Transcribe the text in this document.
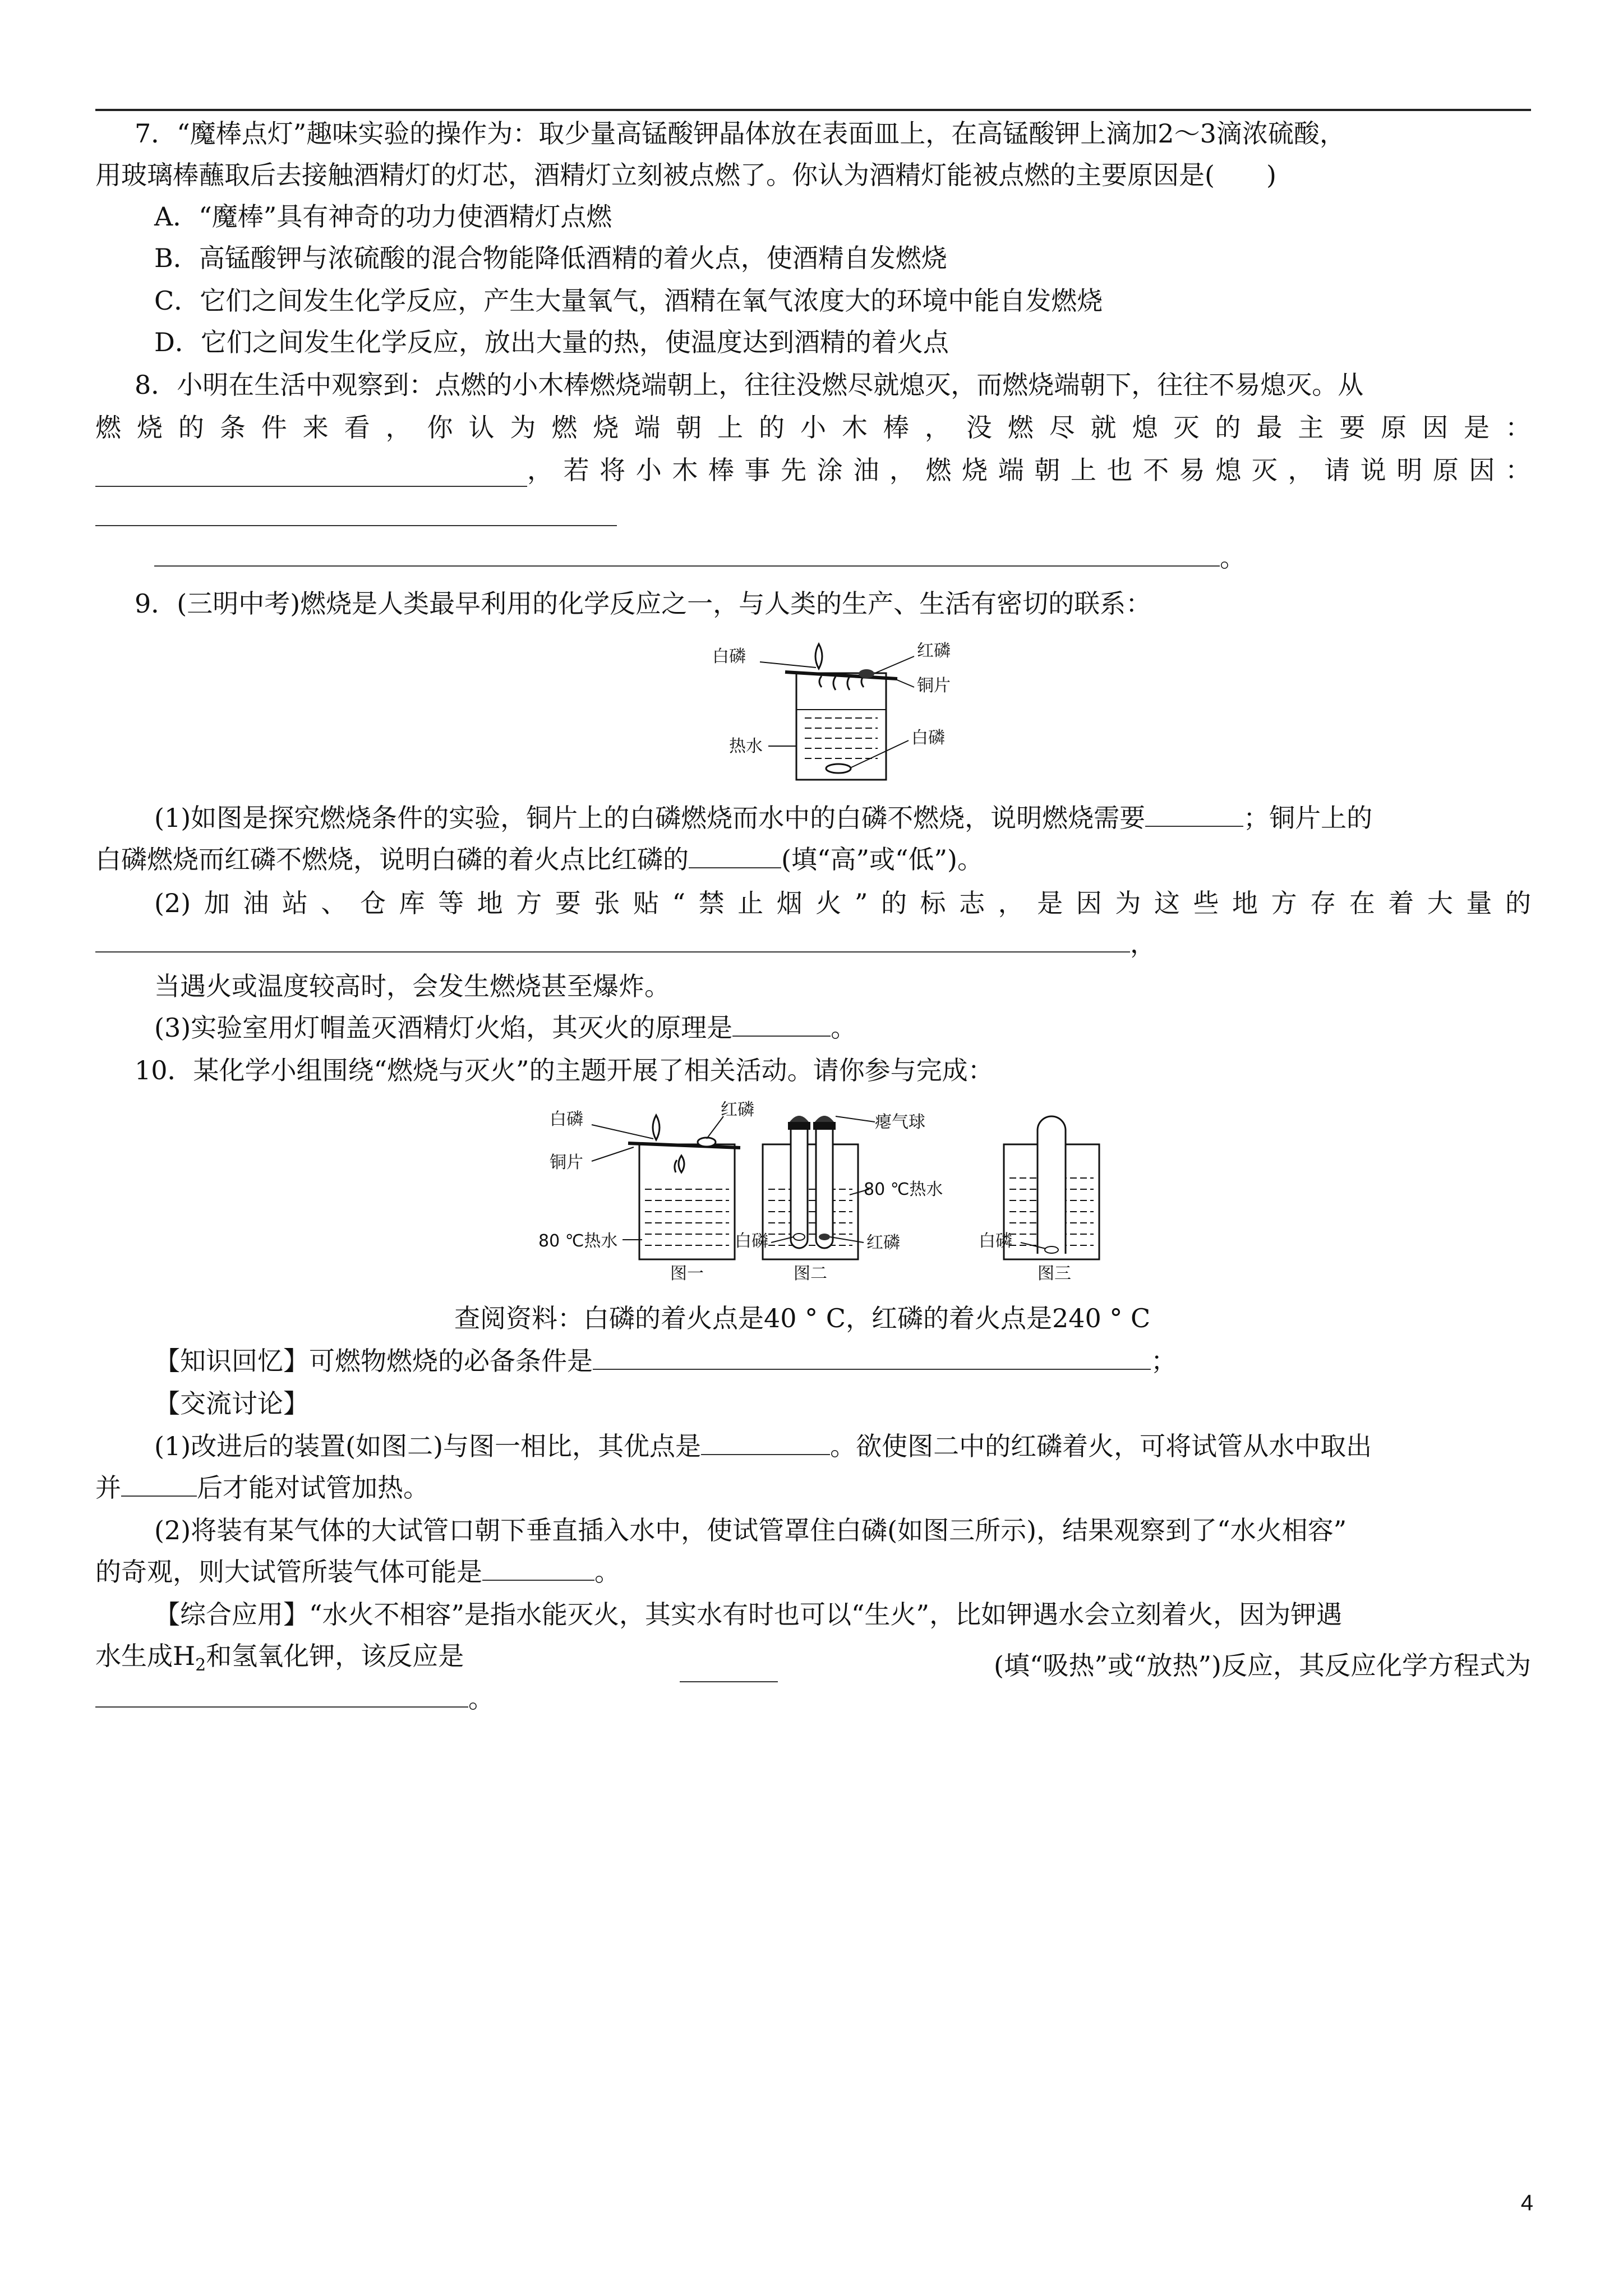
7．“魔棒点灯”趣味实验的操作为：取少量高锰酸钾晶体放在表面皿上，在高锰酸钾上滴加2～3滴浓硫酸，
用玻璃棒蘸取后去接触酒精灯的灯芯，酒精灯立刻被点燃了。你认为酒精灯能被点燃的主要原因是(　　)
A．“魔棒”具有神奇的功力使酒精灯点燃
B．高锰酸钾与浓硫酸的混合物能降低酒精的着火点，使酒精自发燃烧
C．它们之间发生化学反应，产生大量氧气，酒精在氧气浓度大的环境中能自发燃烧
D．它们之间发生化学反应，放出大量的热，使温度达到酒精的着火点
8．小明在生活中观察到：点燃的小木棒燃烧端朝上，往往没燃尽就熄灭，而燃烧端朝下，往往不易熄灭。从
燃烧的条件来看，你认为燃烧端朝上的小木棒，没燃尽就熄灭的最主要原因是：
，若将小木棒事先涂油，燃烧端朝上也不易熄灭，请说明原因：
。
9．(三明中考)燃烧是人类最早利用的化学反应之一，与人类的生产、生活有密切的联系：
白磷	红磷
铜片
热水	白磷
(1)如图是探究燃烧条件的实验，铜片上的白磷燃烧而水中的白磷不燃烧，说明燃烧需要	；铜片上的
白磷燃烧而红磷不燃烧，说明白磷的着火点比红磷的	(填“高”或“低”)。
(2)加油站、仓库等地方要张贴“禁止烟火”的标志，是因为这些地方存在着大量的
，
当遇火或温度较高时，会发生燃烧甚至爆炸。
(3)实验室用灯帽盖灭酒精灯火焰，其灭火的原理是	。
10．某化学小组围绕“燃烧与灭火”的主题开展了相关活动。请你参与完成：
白磷	红磷
铜片
80 ℃热水
图一
瘪气球
80 ℃热水
白磷	红磷
图二
白磷
图三
查阅资料：白磷的着火点是40 ° C，红磷的着火点是240 ° C
【知识回忆】可燃物燃烧的必备条件是	；
【交流讨论】
(1)改进后的装置(如图二)与图一相比，其优点是	。欲使图二中的红磷着火，可将试管从水中取出
并	后才能对试管加热。
(2)将装有某气体的大试管口朝下垂直插入水中，使试管罩住白磷(如图三所示)，结果观察到了“水火相容”
的奇观，则大试管所装气体可能是	。
【综合应用】“水火不相容”是指水能灭火，其实水有时也可以“生火”，比如钾遇水会立刻着火，因为钾遇
水生成$H_2$和氢氧化钾，该反应是	(填“吸热”或“放热”)反应，其反应化学方程式为
。
4
